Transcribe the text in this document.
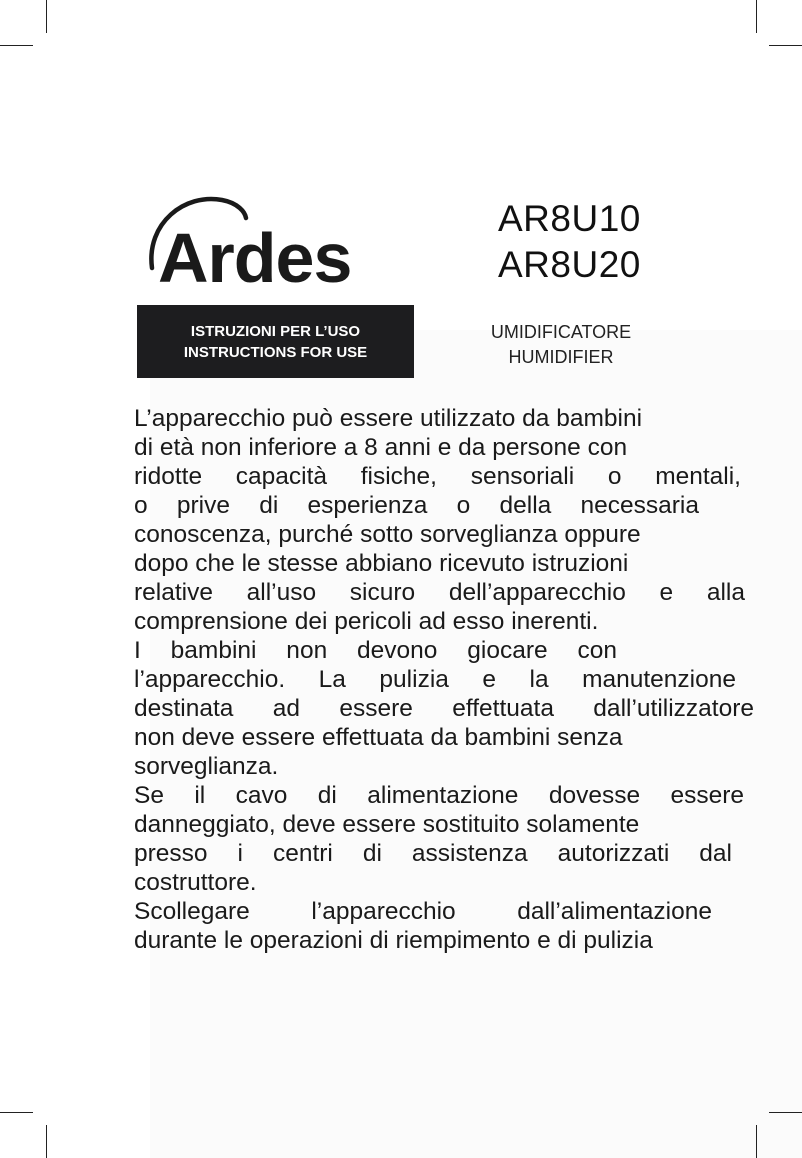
Ardes
AR8U10
AR8U20
ISTRUZIONI PER L’USO
INSTRUCTIONS FOR USE
UMIDIFICATORE
HUMIDIFIER
L’apparecchio può essere utilizzato da bambini
di età non inferiore a 8 anni e da persone con
ridotte capacità fisiche, sensoriali o mentali,
o prive di esperienza o della necessaria
conoscenza, purché sotto sorveglianza oppure
dopo che le stesse abbiano ricevuto istruzioni
relative all’uso sicuro dell’apparecchio e alla
comprensione dei pericoli ad esso inerenti.
I bambini non devono giocare con
l’apparecchio. La pulizia e la manutenzione
destinata ad essere effettuata dall’utilizzatore
non deve essere effettuata da bambini senza
sorveglianza.
Se il cavo di alimentazione dovesse essere
danneggiato, deve essere sostituito solamente
presso i centri di assistenza autorizzati dal
costruttore.
Scollegare l’apparecchio dall’alimentazione
durante le operazioni di riempimento e di pulizia
